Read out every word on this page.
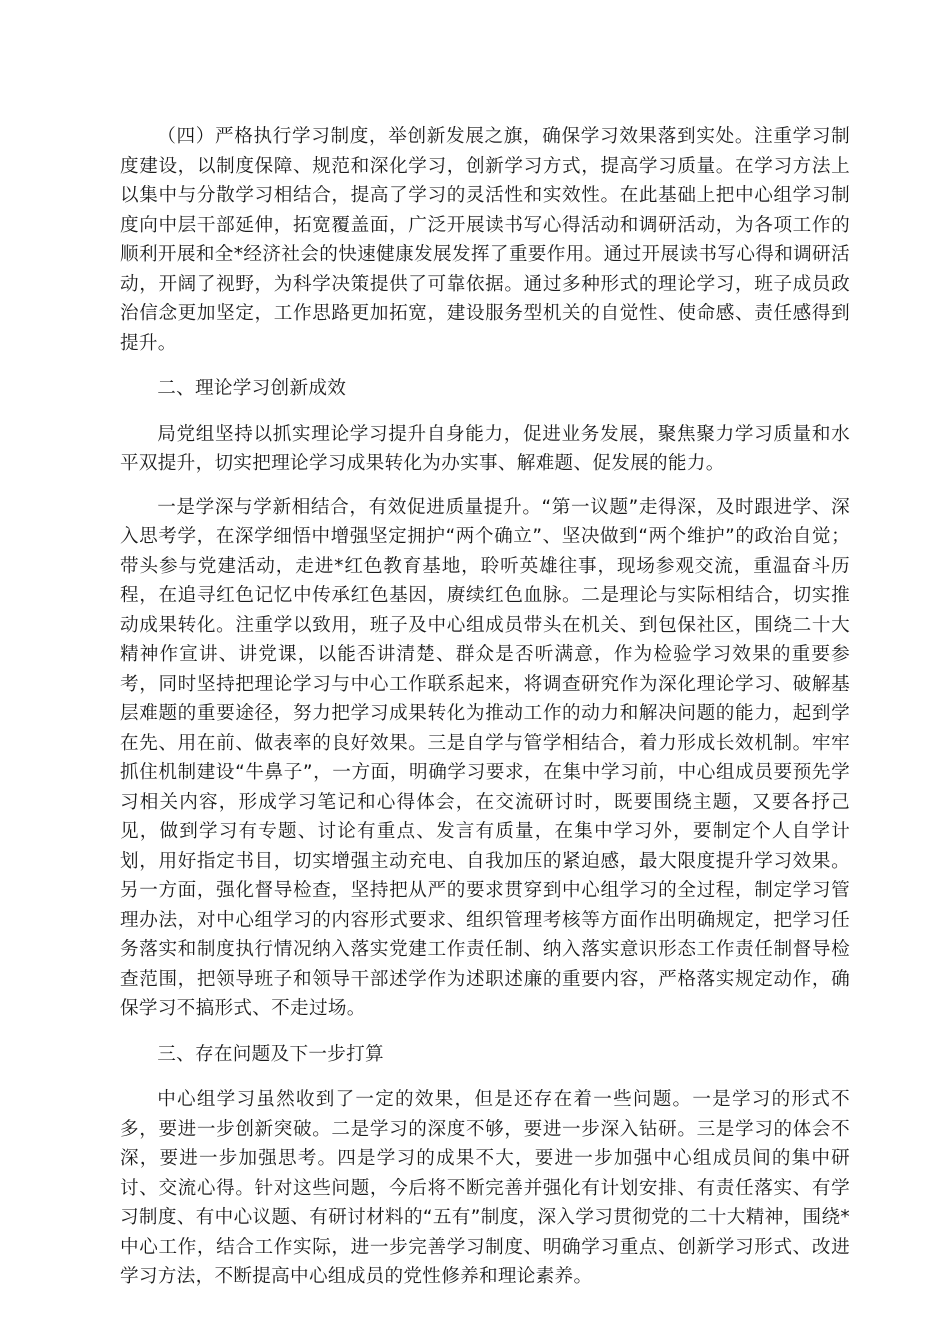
（四）严格执行学习制度，举创新发展之旗，确保学习效果落到实处。注重学习制度建设，以制度保障、规范和深化学习，创新学习方式，提高学习质量。在学习方法上以集中与分散学习相结合，提高了学习的灵活性和实效性。在此基础上把中心组学习制度向中层干部延伸，拓宽覆盖面，广泛开展读书写心得活动和调研活动，为各项工作的顺利开展和全*经济社会的快速健康发展发挥了重要作用。通过开展读书写心得和调研活动，开阔了视野，为科学决策提供了可靠依据。通过多种形式的理论学习，班子成员政治信念更加坚定，工作思路更加拓宽，建设服务型机关的自觉性、使命感、责任感得到提升。

二、理论学习创新成效

局党组坚持以抓实理论学习提升自身能力，促进业务发展，聚焦聚力学习质量和水平双提升，切实把理论学习成果转化为办实事、解难题、促发展的能力。

一是学深与学新相结合，有效促进质量提升。“第一议题”走得深，及时跟进学、深入思考学，在深学细悟中增强坚定拥护“两个确立”、坚决做到“两个维护”的政治自觉；带头参与党建活动，走进*红色教育基地，聆听英雄往事，现场参观交流，重温奋斗历程，在追寻红色记忆中传承红色基因，赓续红色血脉。二是理论与实际相结合，切实推动成果转化。注重学以致用，班子及中心组成员带头在机关、到包保社区，围绕二十大精神作宣讲、讲党课，以能否讲清楚、群众是否听满意，作为检验学习效果的重要参考，同时坚持把理论学习与中心工作联系起来，将调查研究作为深化理论学习、破解基层难题的重要途径，努力把学习成果转化为推动工作的动力和解决问题的能力，起到学在先、用在前、做表率的良好效果。三是自学与管学相结合，着力形成长效机制。牢牢抓住机制建设“牛鼻子”，一方面，明确学习要求，在集中学习前，中心组成员要预先学习相关内容，形成学习笔记和心得体会，在交流研讨时，既要围绕主题，又要各抒己见，做到学习有专题、讨论有重点、发言有质量，在集中学习外，要制定个人自学计划，用好指定书目，切实增强主动充电、自我加压的紧迫感，最大限度提升学习效果。另一方面，强化督导检查，坚持把从严的要求贯穿到中心组学习的全过程，制定学习管理办法，对中心组学习的内容形式要求、组织管理考核等方面作出明确规定，把学习任务落实和制度执行情况纳入落实党建工作责任制、纳入落实意识形态工作责任制督导检查范围，把领导班子和领导干部述学作为述职述廉的重要内容，严格落实规定动作，确保学习不搞形式、不走过场。

三、存在问题及下一步打算

中心组学习虽然收到了一定的效果，但是还存在着一些问题。一是学习的形式不多，要进一步创新突破。二是学习的深度不够，要进一步深入钻研。三是学习的体会不深，要进一步加强思考。四是学习的成果不大，要进一步加强中心组成员间的集中研讨、交流心得。针对这些问题，今后将不断完善并强化有计划安排、有责任落实、有学习制度、有中心议题、有研讨材料的“五有”制度，深入学习贯彻党的二十大精神，围绕*中心工作，结合工作实际，进一步完善学习制度、明确学习重点、创新学习形式、改进学习方法，不断提高中心组成员的党性修养和理论素养。
